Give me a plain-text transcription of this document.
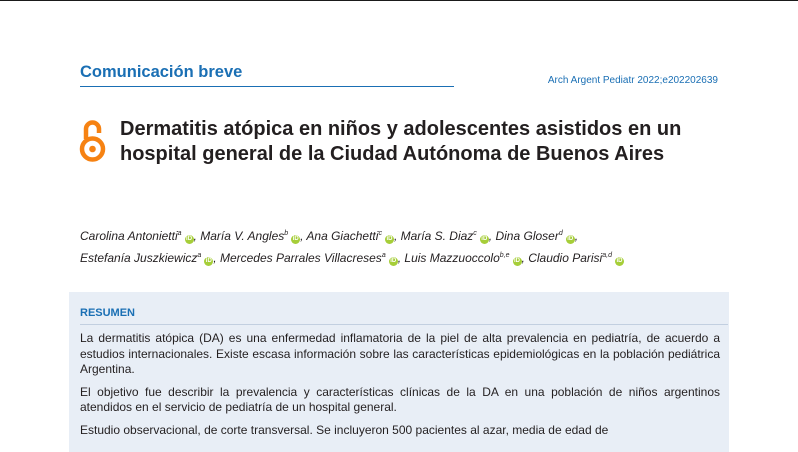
Comunicación breve	Arch Argent Pediatr 2022;e202202639
Dermatitis atópica en niños y adolescentes asistidos en un hospital general de la Ciudad Autónoma de Buenos Aires
Carolina Antonietti$^a$iD , María V. Angles$^b$iD , Ana Giachetti$^c$iD , María S. Diaz$^c$iD , Dina Gloser$^d$iD ,
Estefanía Juszkiewicz$^a$iD , Mercedes Parrales Villacreses$^a$iD , Luis Mazzuoccolo$^{b,e}$iD , Claudio Parisi$^{a,d}$iD
RESUMEN

La dermatitis atópica (DA) es una enfermedad inflamatoria de la piel de alta prevalencia en pediatría, de acuerdo a estudios internacionales. Existe escasa información sobre las características epidemiológicas en la población pediátrica Argentina.

El objetivo fue describir la prevalencia y características clínicas de la DA en una población de niños argentinos atendidos en el servicio de pediatría de un hospital general.

Estudio observacional, de corte transversal. Se incluyeron 500 pacientes al azar, media de edad de
